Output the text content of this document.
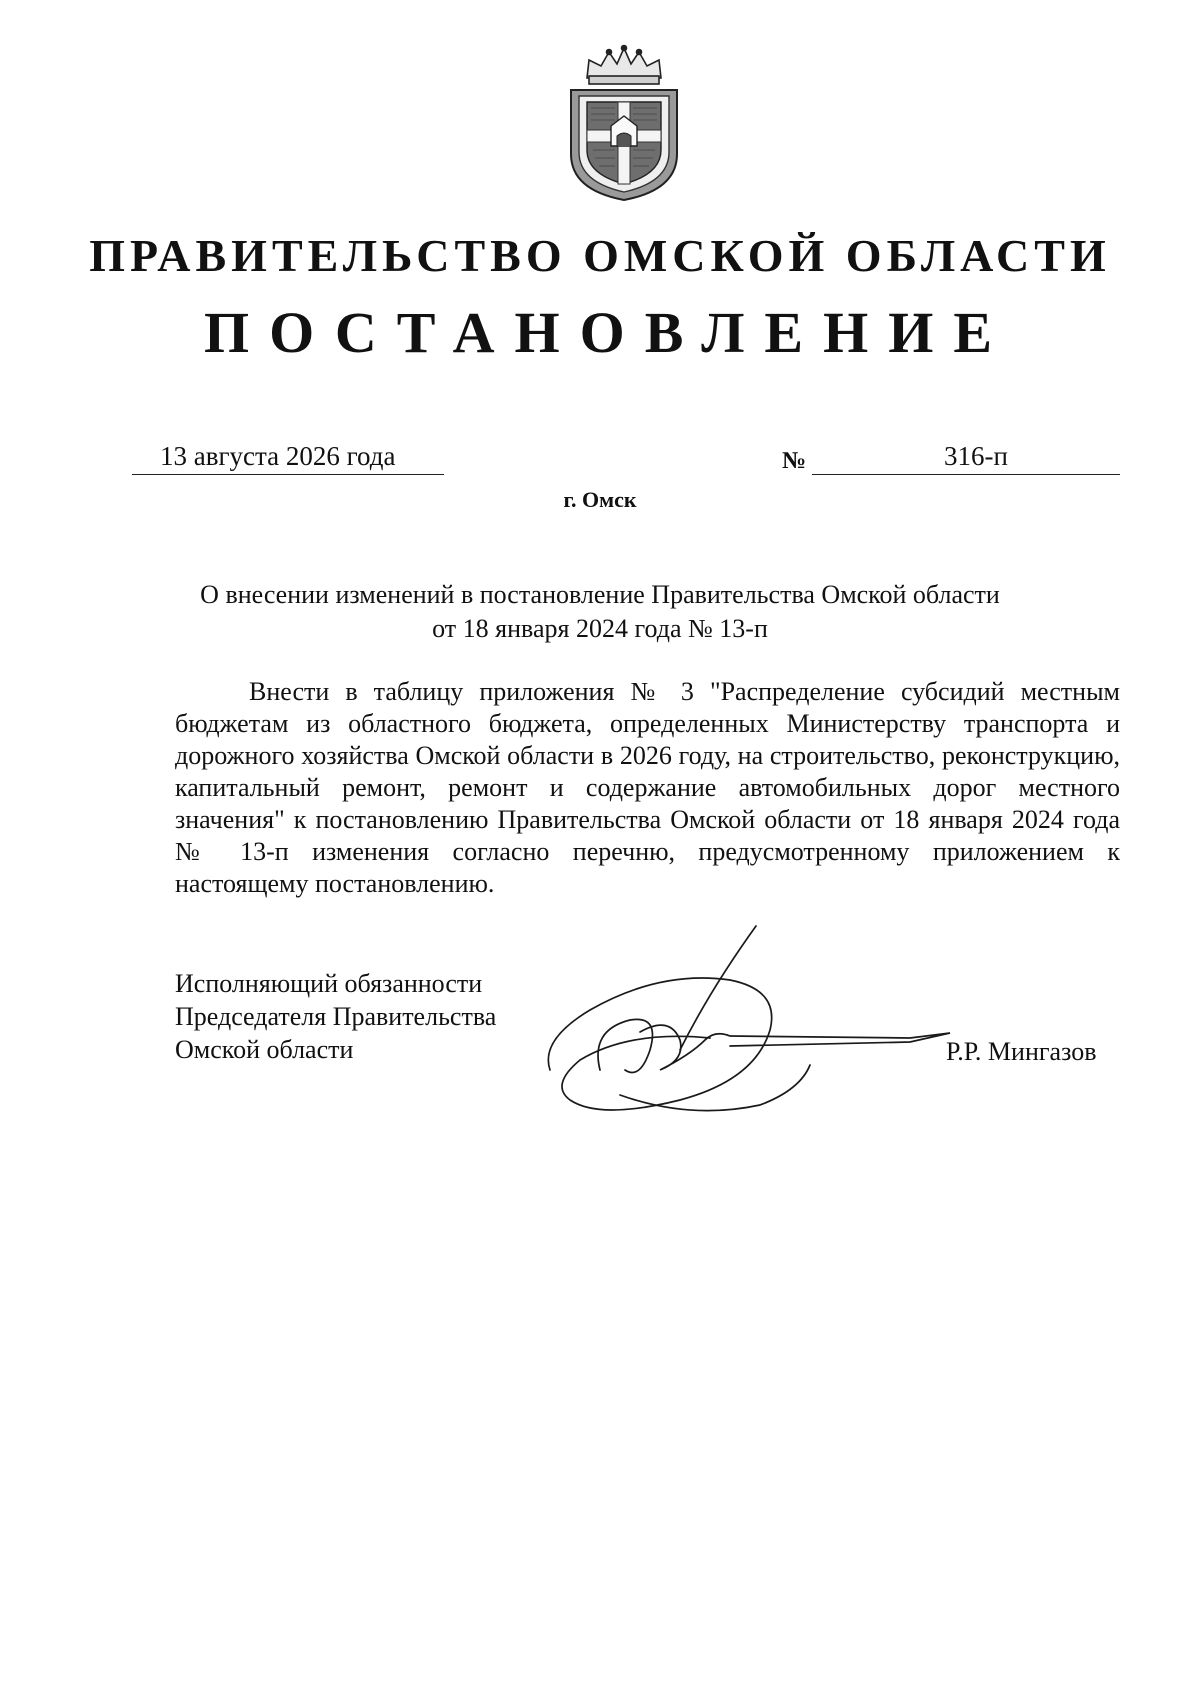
ПРАВИТЕЛЬСТВО ОМСКОЙ ОБЛАСТИ
ПОСТАНОВЛЕНИЕ
13 августа 2026 года	№	316-п
г. Омск
О внесении изменений в постановление Правительства Омской области
от 18 января 2024 года № 13-п
Внести в таблицу приложения № 3 "Распределение субсидий местным бюджетам из областного бюджета, определенных Министерству транспорта и дорожного хозяйства Омской области в 2026 году, на строительство, реконструкцию, капитальный ремонт, ремонт и содержание автомобильных дорог местного значения" к постановлению Правительства Омской области от 18 января 2024 года № 13-п изменения согласно перечню, предусмотренному приложением к настоящему постановлению.
Исполняющий обязанности
Председателя Правительства
Омской области	Р.Р. Мингазов
